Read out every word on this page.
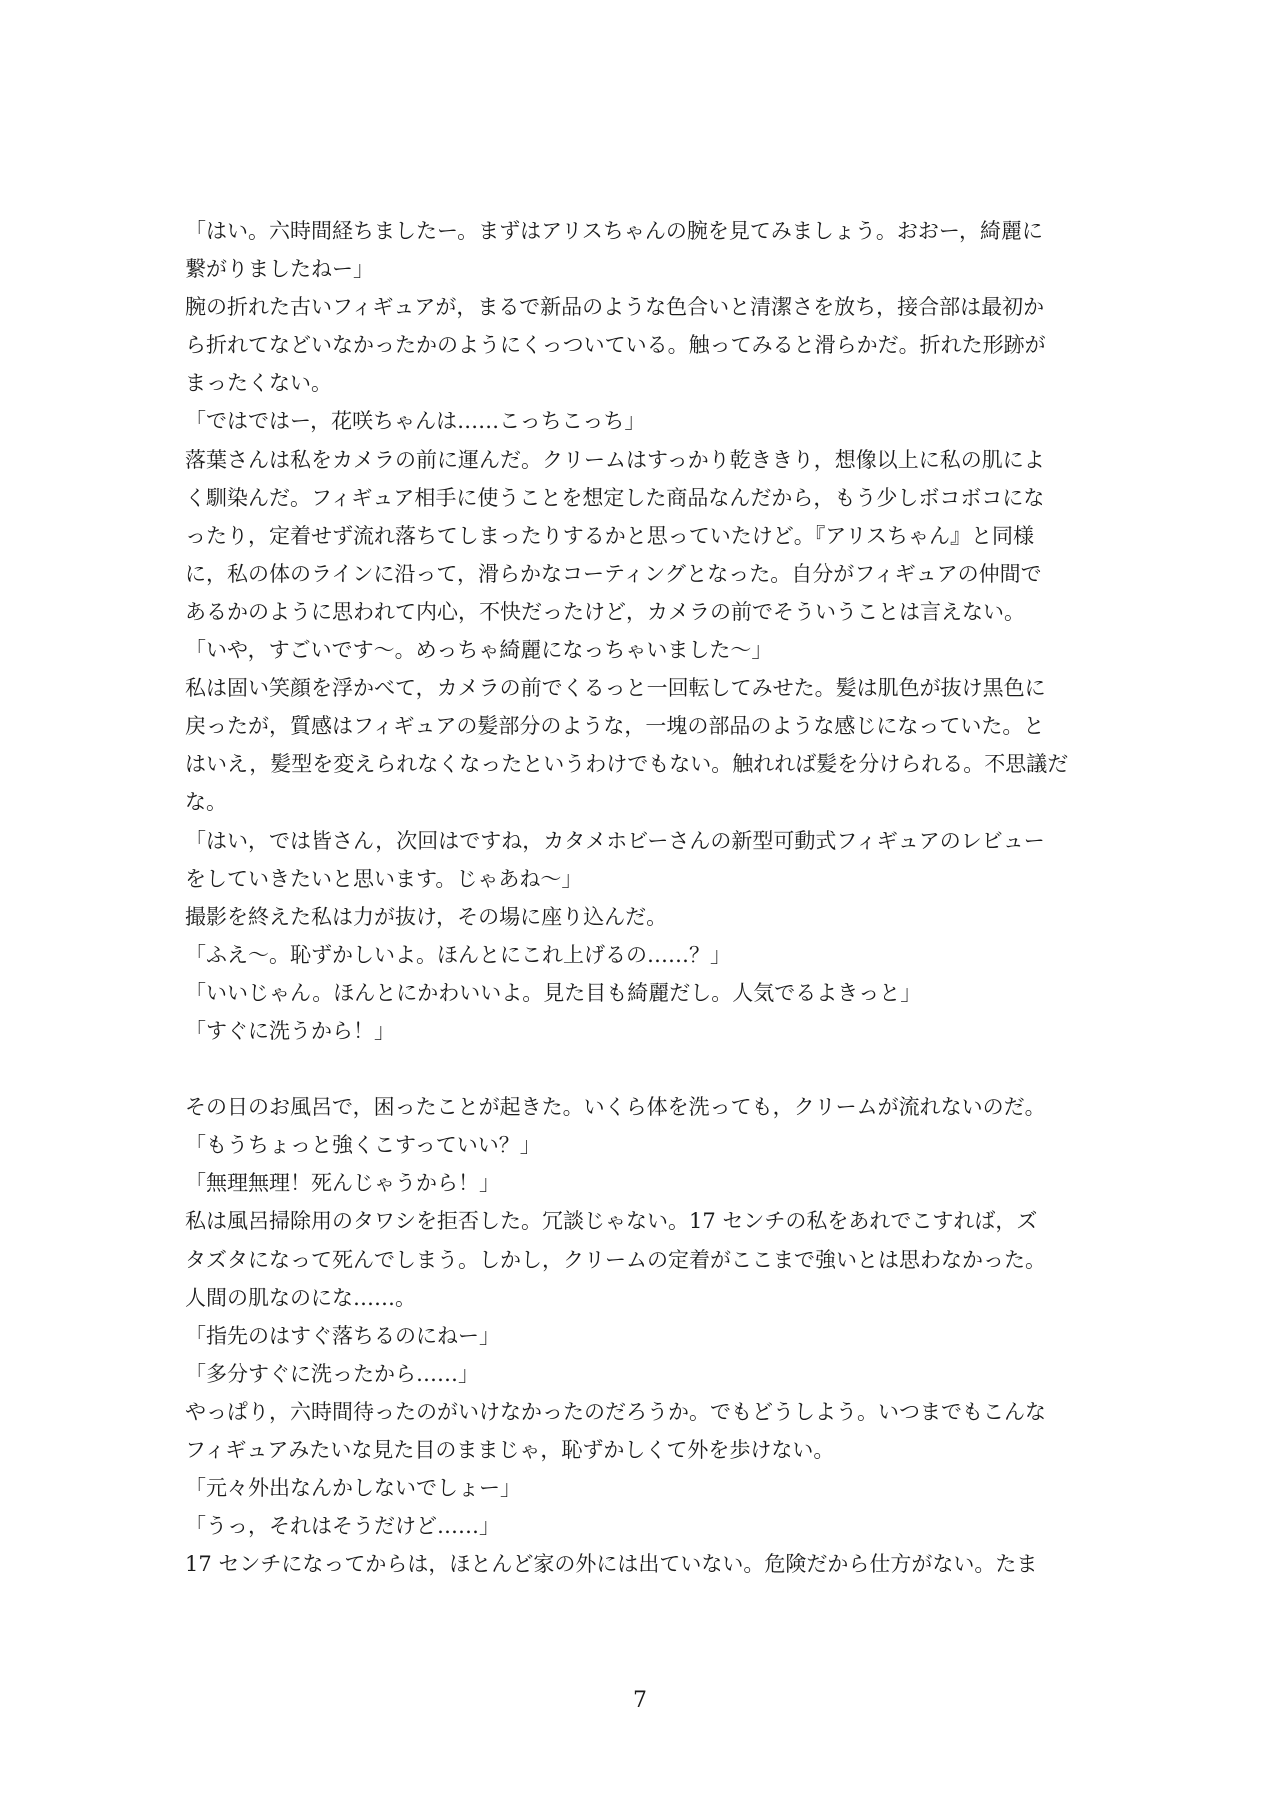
「はい。六時間経ちましたー。まずはアリスちゃんの腕を見てみましょう。おおー，綺麗に
繋がりましたねー」
腕の折れた古いフィギュアが，まるで新品のような色合いと清潔さを放ち，接合部は最初か
ら折れてなどいなかったかのようにくっついている。触ってみると滑らかだ。折れた形跡が
まったくない。
「ではではー，花咲ちゃんは……こっちこっち」
落葉さんは私をカメラの前に運んだ。クリームはすっかり乾ききり，想像以上に私の肌によ
く馴染んだ。フィギュア相手に使うことを想定した商品なんだから，もう少しボコボコにな
ったり，定着せず流れ落ちてしまったりするかと思っていたけど。『アリスちゃん』と同様
に，私の体のラインに沿って，滑らかなコーティングとなった。自分がフィギュアの仲間で
あるかのように思われて内心，不快だったけど，カメラの前でそういうことは言えない。
「いや，すごいです～。めっちゃ綺麗になっちゃいました～」
私は固い笑顔を浮かべて，カメラの前でくるっと一回転してみせた。髪は肌色が抜け黒色に
戻ったが，質感はフィギュアの髪部分のような，一塊の部品のような感じになっていた。と
はいえ，髪型を変えられなくなったというわけでもない。触れれば髪を分けられる。不思議だ
な。
「はい，では皆さん，次回はですね，カタメホビーさんの新型可動式フィギュアのレビュー
をしていきたいと思います。じゃあね～」
撮影を終えた私は力が抜け，その場に座り込んだ。
「ふえ～。恥ずかしいよ。ほんとにこれ上げるの……？」
「いいじゃん。ほんとにかわいいよ。見た目も綺麗だし。人気でるよきっと」
「すぐに洗うから！」
その日のお風呂で，困ったことが起きた。いくら体を洗っても，クリームが流れないのだ。
「もうちょっと強くこすっていい？」
「無理無理！死んじゃうから！」
私は風呂掃除用のタワシを拒否した。冗談じゃない。17 センチの私をあれでこすれば，ズ
タズタになって死んでしまう。しかし，クリームの定着がここまで強いとは思わなかった。
人間の肌なのにな……。
「指先のはすぐ落ちるのにねー」
「多分すぐに洗ったから……」
やっぱり，六時間待ったのがいけなかったのだろうか。でもどうしよう。いつまでもこんな
フィギュアみたいな見た目のままじゃ，恥ずかしくて外を歩けない。
「元々外出なんかしないでしょー」
「うっ，それはそうだけど……」
17 センチになってからは，ほとんど家の外には出ていない。危険だから仕方がない。たま
7
